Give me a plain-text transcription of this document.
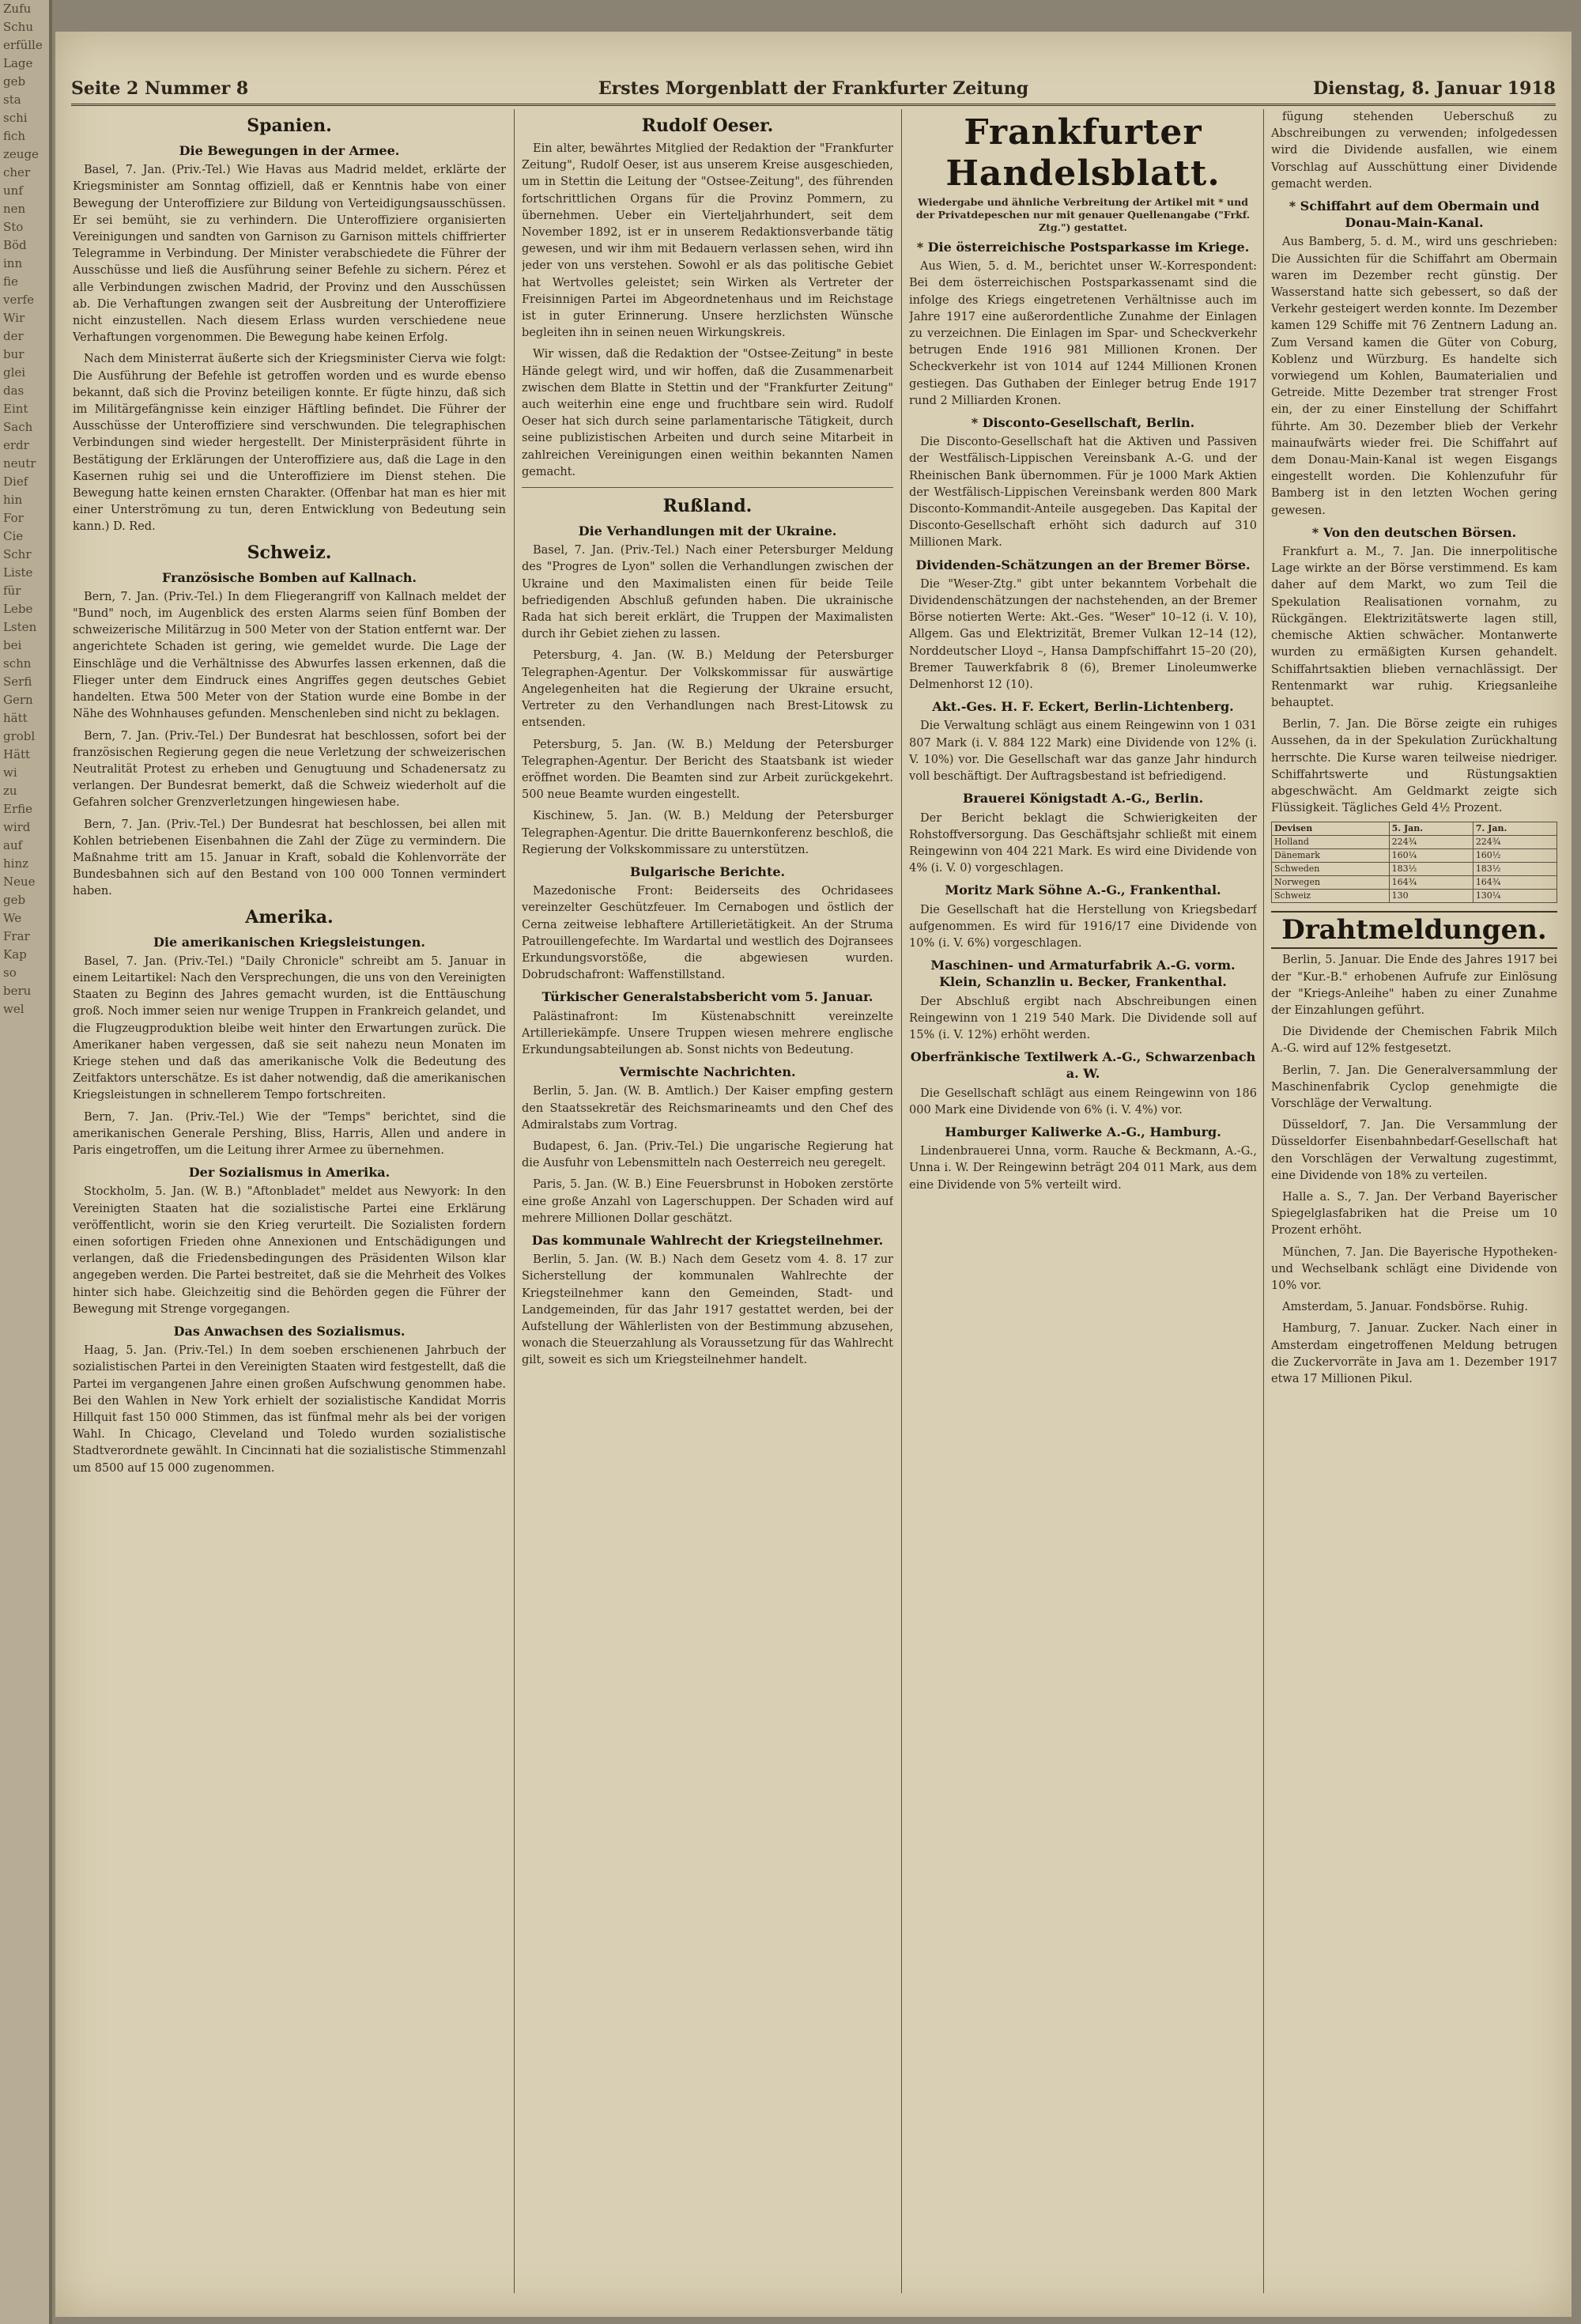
Zufu
Schu
erfülle
Lage
geb
sta
schi
fich
zeuge
cher
unf
nen
Sto
Böd
inn
fie
verfe
Wir
der
bur
glei
das
Eint
Sach
erdr
neutr
Dief
hin
For
Cie
Schr
Liste
für
Lebe
Lsten
bei
schn
Serfi
Gern
hätt
grobl
Hätt
wi
zu
Erfie
wird
auf
hinz
Neue
geb
We
Frar
Kap
so
beru
wel
Seite 2 Nummer 8	Erstes Morgenblatt der Frankfurter Zeitung	Dienstag, 8. Januar 1918
Spanien.
Die Bewegungen in der Armee.

Basel, 7. Jan. (Priv.-Tel.) Wie Havas aus Madrid meldet, erklärte der Kriegsminister am Sonntag offiziell, daß er Kenntnis habe von einer Bewegung der Unteroffiziere zur Bildung von Verteidigungsausschüssen. Er sei bemüht, sie zu verhindern. Die Unteroffiziere organisierten Vereinigungen und sandten von Garnison zu Garnison mittels chiffrierter Telegramme in Verbindung. Der Minister verabschiedete die Führer der Ausschüsse und ließ die Ausführung seiner Befehle zu sichern. Pérez et alle Verbindungen zwischen Madrid, der Provinz und den Ausschüssen ab. Die Verhaftungen zwangen seit der Ausbreitung der Unteroffiziere nicht einzustellen. Nach diesem Erlass wurden verschiedene neue Verhaftungen vorgenommen. Die Bewegung habe keinen Erfolg.

Nach dem Ministerrat äußerte sich der Kriegsminister Cierva wie folgt: Die Ausführung der Befehle ist getroffen worden und es wurde ebenso bekannt, daß sich die Provinz beteiligen konnte. Er fügte hinzu, daß sich im Militärgefängnisse kein einziger Häftling befindet. Die Führer der Ausschüsse der Unteroffiziere sind verschwunden. Die telegraphischen Verbindungen sind wieder hergestellt. Der Ministerpräsident führte in Bestätigung der Erklärungen der Unteroffiziere aus, daß die Lage in den Kasernen ruhig sei und die Unteroffiziere im Dienst stehen. Die Bewegung hatte keinen ernsten Charakter. (Offenbar hat man es hier mit einer Unterströmung zu tun, deren Entwicklung von Bedeutung sein kann.) D. Red.

Schweiz.
Französische Bomben auf Kallnach.

Bern, 7. Jan. (Priv.-Tel.) In dem Fliegerangriff von Kallnach meldet der "Bund" noch, im Augenblick des ersten Alarms seien fünf Bomben der schweizerische Militärzug in 500 Meter von der Station entfernt war. Der angerichtete Schaden ist gering, wie gemeldet wurde. Die Lage der Einschläge und die Verhältnisse des Abwurfes lassen erkennen, daß die Flieger unter dem Eindruck eines Angriffes gegen deutsches Gebiet handelten. Etwa 500 Meter von der Station wurde eine Bombe in der Nähe des Wohnhauses gefunden. Menschenleben sind nicht zu beklagen.

Bern, 7. Jan. (Priv.-Tel.) Der Bundesrat hat beschlossen, sofort bei der französischen Regierung gegen die neue Verletzung der schweizerischen Neutralität Protest zu erheben und Genugtuung und Schadenersatz zu verlangen. Der Bundesrat bemerkt, daß die Schweiz wiederholt auf die Gefahren solcher Grenzverletzungen hingewiesen habe.

Bern, 7. Jan. (Priv.-Tel.) Der Bundesrat hat beschlossen, bei allen mit Kohlen betriebenen Eisenbahnen die Zahl der Züge zu vermindern. Die Maßnahme tritt am 15. Januar in Kraft, sobald die Kohlenvorräte der Bundesbahnen sich auf den Bestand von 100 000 Tonnen vermindert haben.

Amerika.
Die amerikanischen Kriegsleistungen.

Basel, 7. Jan. (Priv.-Tel.) "Daily Chronicle" schreibt am 5. Januar in einem Leitartikel: Nach den Versprechungen, die uns von den Vereinigten Staaten zu Beginn des Jahres gemacht wurden, ist die Enttäuschung groß. Noch immer seien nur wenige Truppen in Frankreich gelandet, und die Flugzeugproduktion bleibe weit hinter den Erwartungen zurück. Die Amerikaner haben vergessen, daß sie seit nahezu neun Monaten im Kriege stehen und daß das amerikanische Volk die Bedeutung des Zeitfaktors unterschätze. Es ist daher notwendig, daß die amerikanischen Kriegsleistungen in schnellerem Tempo fortschreiten.

Bern, 7. Jan. (Priv.-Tel.) Wie der "Temps" berichtet, sind die amerikanischen Generale Pershing, Bliss, Harris, Allen und andere in Paris eingetroffen, um die Leitung ihrer Armee zu übernehmen.

Der Sozialismus in Amerika.

Stockholm, 5. Jan. (W. B.) "Aftonbladet" meldet aus Newyork: In den Vereinigten Staaten hat die sozialistische Partei eine Erklärung veröffentlicht, worin sie den Krieg verurteilt. Die Sozialisten fordern einen sofortigen Frieden ohne Annexionen und Entschädigungen und verlangen, daß die Friedensbedingungen des Präsidenten Wilson klar angegeben werden. Die Partei bestreitet, daß sie die Mehrheit des Volkes hinter sich habe. Gleichzeitig sind die Behörden gegen die Führer der Bewegung mit Strenge vorgegangen.

Das Anwachsen des Sozialismus.

Haag, 5. Jan. (Priv.-Tel.) In dem soeben erschienenen Jahrbuch der sozialistischen Partei in den Vereinigten Staaten wird festgestellt, daß die Partei im vergangenen Jahre einen großen Aufschwung genommen habe. Bei den Wahlen in New York erhielt der sozialistische Kandidat Morris Hillquit fast 150 000 Stimmen, das ist fünfmal mehr als bei der vorigen Wahl. In Chicago, Cleveland und Toledo wurden sozialistische Stadtverordnete gewählt. In Cincinnati hat die sozialistische Stimmenzahl um 8500 auf 15 000 zugenommen.

Rudolf Oeser.

Ein alter, bewährtes Mitglied der Redaktion der "Frankfurter Zeitung", Rudolf Oeser, ist aus unserem Kreise ausgeschieden, um in Stettin die Leitung der "Ostsee-Zeitung", des führenden fortschrittlichen Organs für die Provinz Pommern, zu übernehmen. Ueber ein Vierteljahrhundert, seit dem November 1892, ist er in unserem Redaktionsverbande tätig gewesen, und wir ihm mit Bedauern verlassen sehen, wird ihn jeder von uns verstehen. Sowohl er als das politische Gebiet hat Wertvolles geleistet; sein Wirken als Vertreter der Freisinnigen Partei im Abgeordnetenhaus und im Reichstage ist in guter Erinnerung. Unsere herzlichsten Wünsche begleiten ihn in seinen neuen Wirkungskreis.

Wir wissen, daß die Redaktion der "Ostsee-Zeitung" in beste Hände gelegt wird, und wir hoffen, daß die Zusammenarbeit zwischen dem Blatte in Stettin und der "Frankfurter Zeitung" auch weiterhin eine enge und fruchtbare sein wird. Rudolf Oeser hat sich durch seine parlamentarische Tätigkeit, durch seine publizistischen Arbeiten und durch seine Mitarbeit in zahlreichen Vereinigungen einen weithin bekannten Namen gemacht.

Rußland.
Die Verhandlungen mit der Ukraine.

Basel, 7. Jan. (Priv.-Tel.) Nach einer Petersburger Meldung des "Progres de Lyon" sollen die Verhandlungen zwischen der Ukraine und den Maximalisten einen für beide Teile befriedigenden Abschluß gefunden haben. Die ukrainische Rada hat sich bereit erklärt, die Truppen der Maximalisten durch ihr Gebiet ziehen zu lassen.

Petersburg, 4. Jan. (W. B.) Meldung der Petersburger Telegraphen-Agentur. Der Volkskommissar für auswärtige Angelegenheiten hat die Regierung der Ukraine ersucht, Vertreter zu den Verhandlungen nach Brest-Litowsk zu entsenden.

Petersburg, 5. Jan. (W. B.) Meldung der Petersburger Telegraphen-Agentur. Der Bericht des Staatsbank ist wieder eröffnet worden. Die Beamten sind zur Arbeit zurückgekehrt. 500 neue Beamte wurden eingestellt.

Kischinew, 5. Jan. (W. B.) Meldung der Petersburger Telegraphen-Agentur. Die dritte Bauernkonferenz beschloß, die Regierung der Volkskommissare zu unterstützen.

Bulgarische Berichte.

Mazedonische Front: Beiderseits des Ochridasees vereinzelter Geschützfeuer. Im Cernabogen und östlich der Cerna zeitweise lebhaftere Artillerietätigkeit. An der Struma Patrouillengefechte. Im Wardartal und westlich des Dojransees Erkundungsvorstöße, die abgewiesen wurden. Dobrudschafront: Waffenstillstand.

Türkischer Generalstabsbericht vom 5. Januar.

Palästinafront: Im Küstenabschnitt vereinzelte Artilleriekämpfe. Unsere Truppen wiesen mehrere englische Erkundungsabteilungen ab. Sonst nichts von Bedeutung.

Vermischte Nachrichten.

Berlin, 5. Jan. (W. B. Amtlich.) Der Kaiser empfing gestern den Staatssekretär des Reichsmarineamts und den Chef des Admiralstabs zum Vortrag.

Budapest, 6. Jan. (Priv.-Tel.) Die ungarische Regierung hat die Ausfuhr von Lebensmitteln nach Oesterreich neu geregelt.

Paris, 5. Jan. (W. B.) Eine Feuersbrunst in Hoboken zerstörte eine große Anzahl von Lagerschuppen. Der Schaden wird auf mehrere Millionen Dollar geschätzt.

Das kommunale Wahlrecht der Kriegsteilnehmer.

Berlin, 5. Jan. (W. B.) Nach dem Gesetz vom 4. 8. 17 zur Sicherstellung der kommunalen Wahlrechte der Kriegsteilnehmer kann den Gemeinden, Stadt- und Landgemeinden, für das Jahr 1917 gestattet werden, bei der Aufstellung der Wählerlisten von der Bestimmung abzusehen, wonach die Steuerzahlung als Voraussetzung für das Wahlrecht gilt, soweit es sich um Kriegsteilnehmer handelt.

Frankfurter Handelsblatt.
Wiedergabe und ähnliche Verbreitung der Artikel mit * und der Privatdepeschen nur mit genauer Quellenangabe ("Frkf. Ztg.") gestattet.
* Die österreichische Postsparkasse im Kriege.

Aus Wien, 5. d. M., berichtet unser W.-Korrespondent: Bei dem österreichischen Postsparkassenamt sind die infolge des Kriegs eingetretenen Verhältnisse auch im Jahre 1917 eine außerordentliche Zunahme der Einlagen zu verzeichnen. Die Einlagen im Spar- und Scheckverkehr betrugen Ende 1916 981 Millionen Kronen. Der Scheckverkehr ist von 1014 auf 1244 Millionen Kronen gestiegen. Das Guthaben der Einleger betrug Ende 1917 rund 2 Milliarden Kronen.

* Disconto-Gesellschaft, Berlin.

Die Disconto-Gesellschaft hat die Aktiven und Passiven der Westfälisch-Lippischen Vereinsbank A.-G. und der Rheinischen Bank übernommen. Für je 1000 Mark Aktien der Westfälisch-Lippischen Vereinsbank werden 800 Mark Disconto-Kommandit-Anteile ausgegeben. Das Kapital der Disconto-Gesellschaft erhöht sich dadurch auf 310 Millionen Mark.

Dividenden-Schätzungen an der Bremer Börse.

Die "Weser-Ztg." gibt unter bekanntem Vorbehalt die Dividendenschätzungen der nachstehenden, an der Bremer Börse notierten Werte: Akt.-Ges. "Weser" 10–12 (i. V. 10), Allgem. Gas und Elektrizität, Bremer Vulkan 12–14 (12), Norddeutscher Lloyd –, Hansa Dampfschiffahrt 15–20 (20), Bremer Tauwerkfabrik 8 (6), Bremer Linoleumwerke Delmenhorst 12 (10).

Akt.-Ges. H. F. Eckert, Berlin-Lichtenberg.

Die Verwaltung schlägt aus einem Reingewinn von 1 031 807 Mark (i. V. 884 122 Mark) eine Dividende von 12% (i. V. 10%) vor. Die Gesellschaft war das ganze Jahr hindurch voll beschäftigt. Der Auftragsbestand ist befriedigend.

Brauerei Königstadt A.-G., Berlin.

Der Bericht beklagt die Schwierigkeiten der Rohstoffversorgung. Das Geschäftsjahr schließt mit einem Reingewinn von 404 221 Mark. Es wird eine Dividende von 4% (i. V. 0) vorgeschlagen.

Moritz Mark Söhne A.-G., Frankenthal.

Die Gesellschaft hat die Herstellung von Kriegsbedarf aufgenommen. Es wird für 1916/17 eine Dividende von 10% (i. V. 6%) vorgeschlagen.

Maschinen- und Armaturfabrik A.-G. vorm. Klein, Schanzlin u. Becker, Frankenthal.

Der Abschluß ergibt nach Abschreibungen einen Reingewinn von 1 219 540 Mark. Die Dividende soll auf 15% (i. V. 12%) erhöht werden.

Oberfränkische Textilwerk A.-G., Schwarzenbach a. W.

Die Gesellschaft schlägt aus einem Reingewinn von 186 000 Mark eine Dividende von 6% (i. V. 4%) vor.

Hamburger Kaliwerke A.-G., Hamburg.

Lindenbrauerei Unna, vorm. Rauche & Beckmann, A.-G., Unna i. W. Der Reingewinn beträgt 204 011 Mark, aus dem eine Dividende von 5% verteilt wird.

fügung stehenden Ueberschuß zu Abschreibungen zu verwenden; infolgedessen wird die Dividende ausfallen, wie einem Vorschlag auf Ausschüttung einer Dividende gemacht werden.

* Schiffahrt auf dem Obermain und Donau-Main-Kanal.

Aus Bamberg, 5. d. M., wird uns geschrieben: Die Aussichten für die Schiffahrt am Obermain waren im Dezember recht günstig. Der Wasserstand hatte sich gebessert, so daß der Verkehr gesteigert werden konnte. Im Dezember kamen 129 Schiffe mit 76 Zentnern Ladung an. Zum Versand kamen die Güter von Coburg, Koblenz und Würzburg. Es handelte sich vorwiegend um Kohlen, Baumaterialien und Getreide. Mitte Dezember trat strenger Frost ein, der zu einer Einstellung der Schiffahrt führte. Am 30. Dezember blieb der Verkehr mainaufwärts wieder frei. Die Schiffahrt auf dem Donau-Main-Kanal ist wegen Eisgangs eingestellt worden. Die Kohlenzufuhr für Bamberg ist in den letzten Wochen gering gewesen.

* Von den deutschen Börsen.

Frankfurt a. M., 7. Jan. Die innerpolitische Lage wirkte an der Börse verstimmend. Es kam daher auf dem Markt, wo zum Teil die Spekulation Realisationen vornahm, zu Rückgängen. Elektrizitätswerte lagen still, chemische Aktien schwächer. Montanwerte wurden zu ermäßigten Kursen gehandelt. Schiffahrtsaktien blieben vernachlässigt. Der Rentenmarkt war ruhig. Kriegsanleihe behauptet.

Berlin, 7. Jan. Die Börse zeigte ein ruhiges Aussehen, da in der Spekulation Zurückhaltung herrschte. Die Kurse waren teilweise niedriger. Schiffahrtswerte und Rüstungsaktien abgeschwächt. Am Geldmarkt zeigte sich Flüssigkeit. Tägliches Geld 4½ Prozent.

Devisen	5. Jan.	7. Jan.
Holland	224¾	224¾
Dänemark	160¼	160½
Schweden	183½	183½
Norwegen	164¾	164¾
Schweiz	130	130¼
Drahtmeldungen.

Berlin, 5. Januar. Die Ende des Jahres 1917 bei der "Kur.-B." erhobenen Aufrufe zur Einlösung der "Kriegs-Anleihe" haben zu einer Zunahme der Einzahlungen geführt.

Die Dividende der Chemischen Fabrik Milch A.-G. wird auf 12% festgesetzt.

Berlin, 7. Jan. Die Generalversammlung der Maschinenfabrik Cyclop genehmigte die Vorschläge der Verwaltung.

Düsseldorf, 7. Jan. Die Versammlung der Düsseldorfer Eisenbahnbedarf-Gesellschaft hat den Vorschlägen der Verwaltung zugestimmt, eine Dividende von 18% zu verteilen.

Halle a. S., 7. Jan. Der Verband Bayerischer Spiegelglasfabriken hat die Preise um 10 Prozent erhöht.

München, 7. Jan. Die Bayerische Hypotheken- und Wechselbank schlägt eine Dividende von 10% vor.

Amsterdam, 5. Januar. Fondsbörse. Ruhig.

Hamburg, 7. Januar. Zucker. Nach einer in Amsterdam eingetroffenen Meldung betrugen die Zuckervorräte in Java am 1. Dezember 1917 etwa 17 Millionen Pikul.
